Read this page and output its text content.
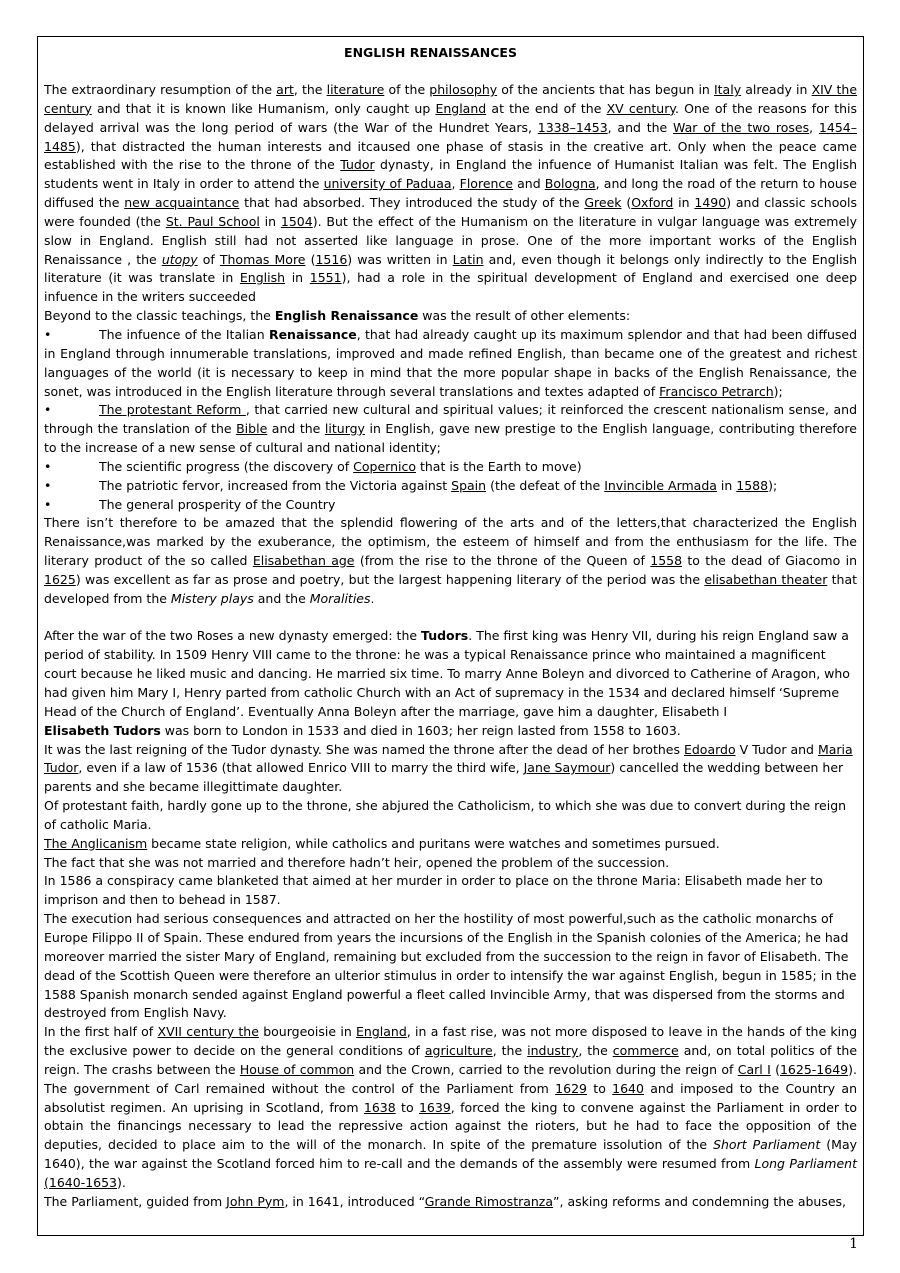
ENGLISH RENAISSANCES

The extraordinary resumption of the art, the literature of the philosophy of the ancients that has begun in Italy already in XIV the century and that it is known like Humanism, only caught up England at the end of the XV century. One of the reasons for this delayed arrival was the long period of wars (the War of the Hundret Years, 1338–1453, and the War of the two roses, 1454–1485), that distracted the human interests and itcaused one phase of stasis in the creative art. Only when the peace came established with the rise to the throne of the Tudor dynasty, in England the infuence of Humanist Italian was felt. The English students went in Italy in order to attend the university of Paduaa, Florence and Bologna, and long the road of the return to house diffused the new acquaintance that had absorbed. They introduced the study of the Greek (Oxford in 1490) and classic schools were founded (the St. Paul School in 1504). But the effect of the Humanism on the literature in vulgar language was extremely slow in England. English still had not asserted like language in prose. One of the more important works of the English Renaissance , the utopy of Thomas More (1516) was written in Latin and, even though it belongs only indirectly to the English literature (it was translate in English in 1551), had a role in the spiritual development of England and exercised one deep infuence in the writers succeeded

Beyond to the classic teachings, the English Renaissance was the result of other elements:

•	The infuence of the Italian Renaissance, that had already caught up its maximum splendor and that had been diffused in England through innumerable translations, improved and made refined English, than became one of the greatest and richest languages of the world (it is necessary to keep in mind that the more popular shape in backs of the English Renaissance, the sonet, was introduced in the English literature through several translations and textes adapted of Francisco Petrarch);

•	The protestant Reform , that carried new cultural and spiritual values; it reinforced the crescent nationalism sense, and through the translation of the Bible and the liturgy in English, gave new prestige to the English language, contributing therefore to the increase of a new sense of cultural and national identity;

•	The scientific progress (the discovery of Copernico that is the Earth to move)

•	The patriotic fervor, increased from the Victoria against Spain (the defeat of the Invincible Armada in 1588);

•	The general prosperity of the Country

There isn’t therefore to be amazed that the splendid flowering of the arts and of the letters,that characterized the English Renaissance,was marked by the exuberance, the optimism, the esteem of himself and from the enthusiasm for the life. The literary product of the so called Elisabethan age (from the rise to the throne of the Queen of 1558 to the dead of Giacomo in 1625) was excellent as far as prose and poetry, but the largest happening literary of the period was the elisabethan theater that developed from the Mistery plays and the Moralities.

After the war of the two Roses a new dynasty emerged: the Tudors. The first king was Henry VII, during his reign England saw a period of stability. In 1509 Henry VIII came to the throne: he was a typical Renaissance prince who maintained a magnificent court because he liked music and dancing. He married six time. To marry Anne Boleyn and divorced to Catherine of Aragon, who had given him Mary I, Henry parted from catholic Church with an Act of supremacy in the 1534 and declared himself ‘Supreme Head of the Church of England’. Eventually Anna Boleyn after the marriage, gave him a daughter, Elisabeth I

Elisabeth Tudors was born to London in 1533 and died in 1603; her reign lasted from 1558 to 1603.

It was the last reigning of the Tudor dynasty. She was named the throne after the dead of her brothes Edoardo V Tudor and Maria Tudor, even if a law of 1536 (that allowed Enrico VIII to marry the third wife, Jane Saymour) cancelled the wedding between her parents and she became illegittimate daughter.

Of protestant faith, hardly gone up to the throne, she abjured the Catholicism, to which she was due to convert during the reign of catholic Maria.

The Anglicanism became state religion, while catholics and puritans were watches and sometimes pursued.

The fact that she was not married and therefore hadn’t heir, opened the problem of the succession.

In 1586 a conspiracy came blanketed that aimed at her murder in order to place on the throne Maria: Elisabeth made her to imprison and then to behead in 1587.

The execution had serious consequences and attracted on her the hostility of most powerful,such as the catholic monarchs of Europe Filippo II of Spain. These endured from years the incursions of the English in the Spanish colonies of the America; he had moreover married the sister Mary of England, remaining but excluded from the succession to the reign in favor of Elisabeth. The dead of the Scottish Queen were therefore an ulterior stimulus in order to intensify the war against English, begun in 1585; in the 1588 Spanish monarch sended against England powerful a fleet called Invincible Army, that was dispersed from the storms and destroyed from English Navy.

In the first half of XVII century the bourgeoisie in England, in a fast rise, was not more disposed to leave in the hands of the king the exclusive power to decide on the general conditions of agriculture, the industry, the commerce and, on total politics of the reign. The crashs between the House of common and the Crown, carried to the revolution during the reign of Carl I (1625-1649). The government of Carl remained without the control of the Parliament from 1629 to 1640 and imposed to the Country an absolutist regimen. An uprising in Scotland, from 1638 to 1639, forced the king to convene against the Parliament in order to obtain the financings necessary to lead the repressive action against the rioters, but he had to face the opposition of the deputies, decided to place aim to the will of the monarch. In spite of the premature issolution of the Short Parliament (May 1640), the war against the Scotland forced him to re-call and the demands of the assembly were resumed from Long Parliament (1640-1653).

The Parliament, guided from John Pym, in 1641, introduced “Grande Rimostranza”, asking reforms and condemning the abuses,

1
